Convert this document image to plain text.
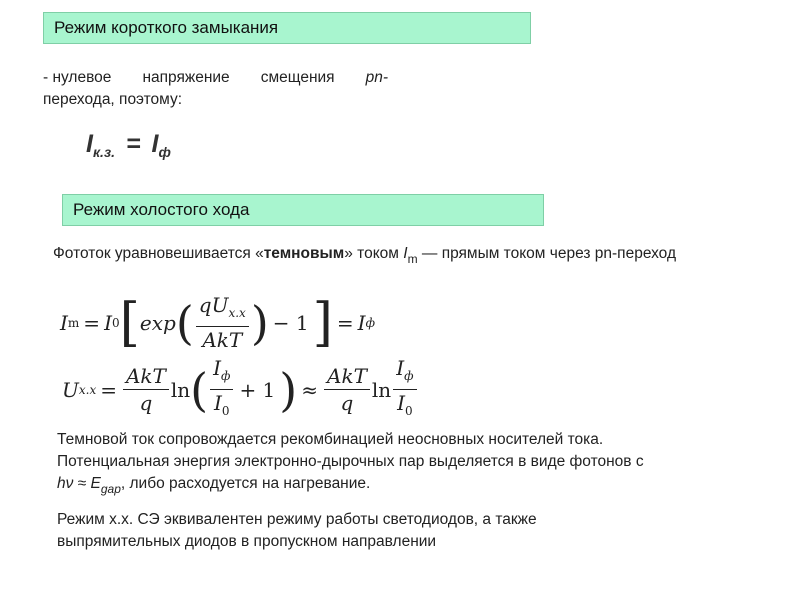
Режим короткого замыкания
- нулевое напряжение смещения pn-
перехода, поэтому:
$I_{к.з.} = I_ф$
Режим холостого хода
Фототок уравновешивается «темновым» током $I_m$ — прямым током через pn-переход
I m = I 0 [ exp ( $\frac{qU_{x.x}}{\text{AkT}}$ ) − 1 ] = I ф
U $x.x = \frac{\text{AkT}}{q}$ ln ( $\frac{I_ф}{I_0} + 1$ ) ≈ $\frac{\text{AkT}}{q}$ $\ln \frac{I_ф}{I_0}$
Темновой ток сопровождается рекомбинацией неосновных носителей тока.
Потенциальная энергия электронно-дырочных пар выделяется в виде фотонов с
$h\nu \approx E_{gap}$, либо расходуется на нагревание.
Режим х.х. СЭ эквивалентен режиму работы светодиодов, а также
выпрямительных диодов в пропускном направлении
